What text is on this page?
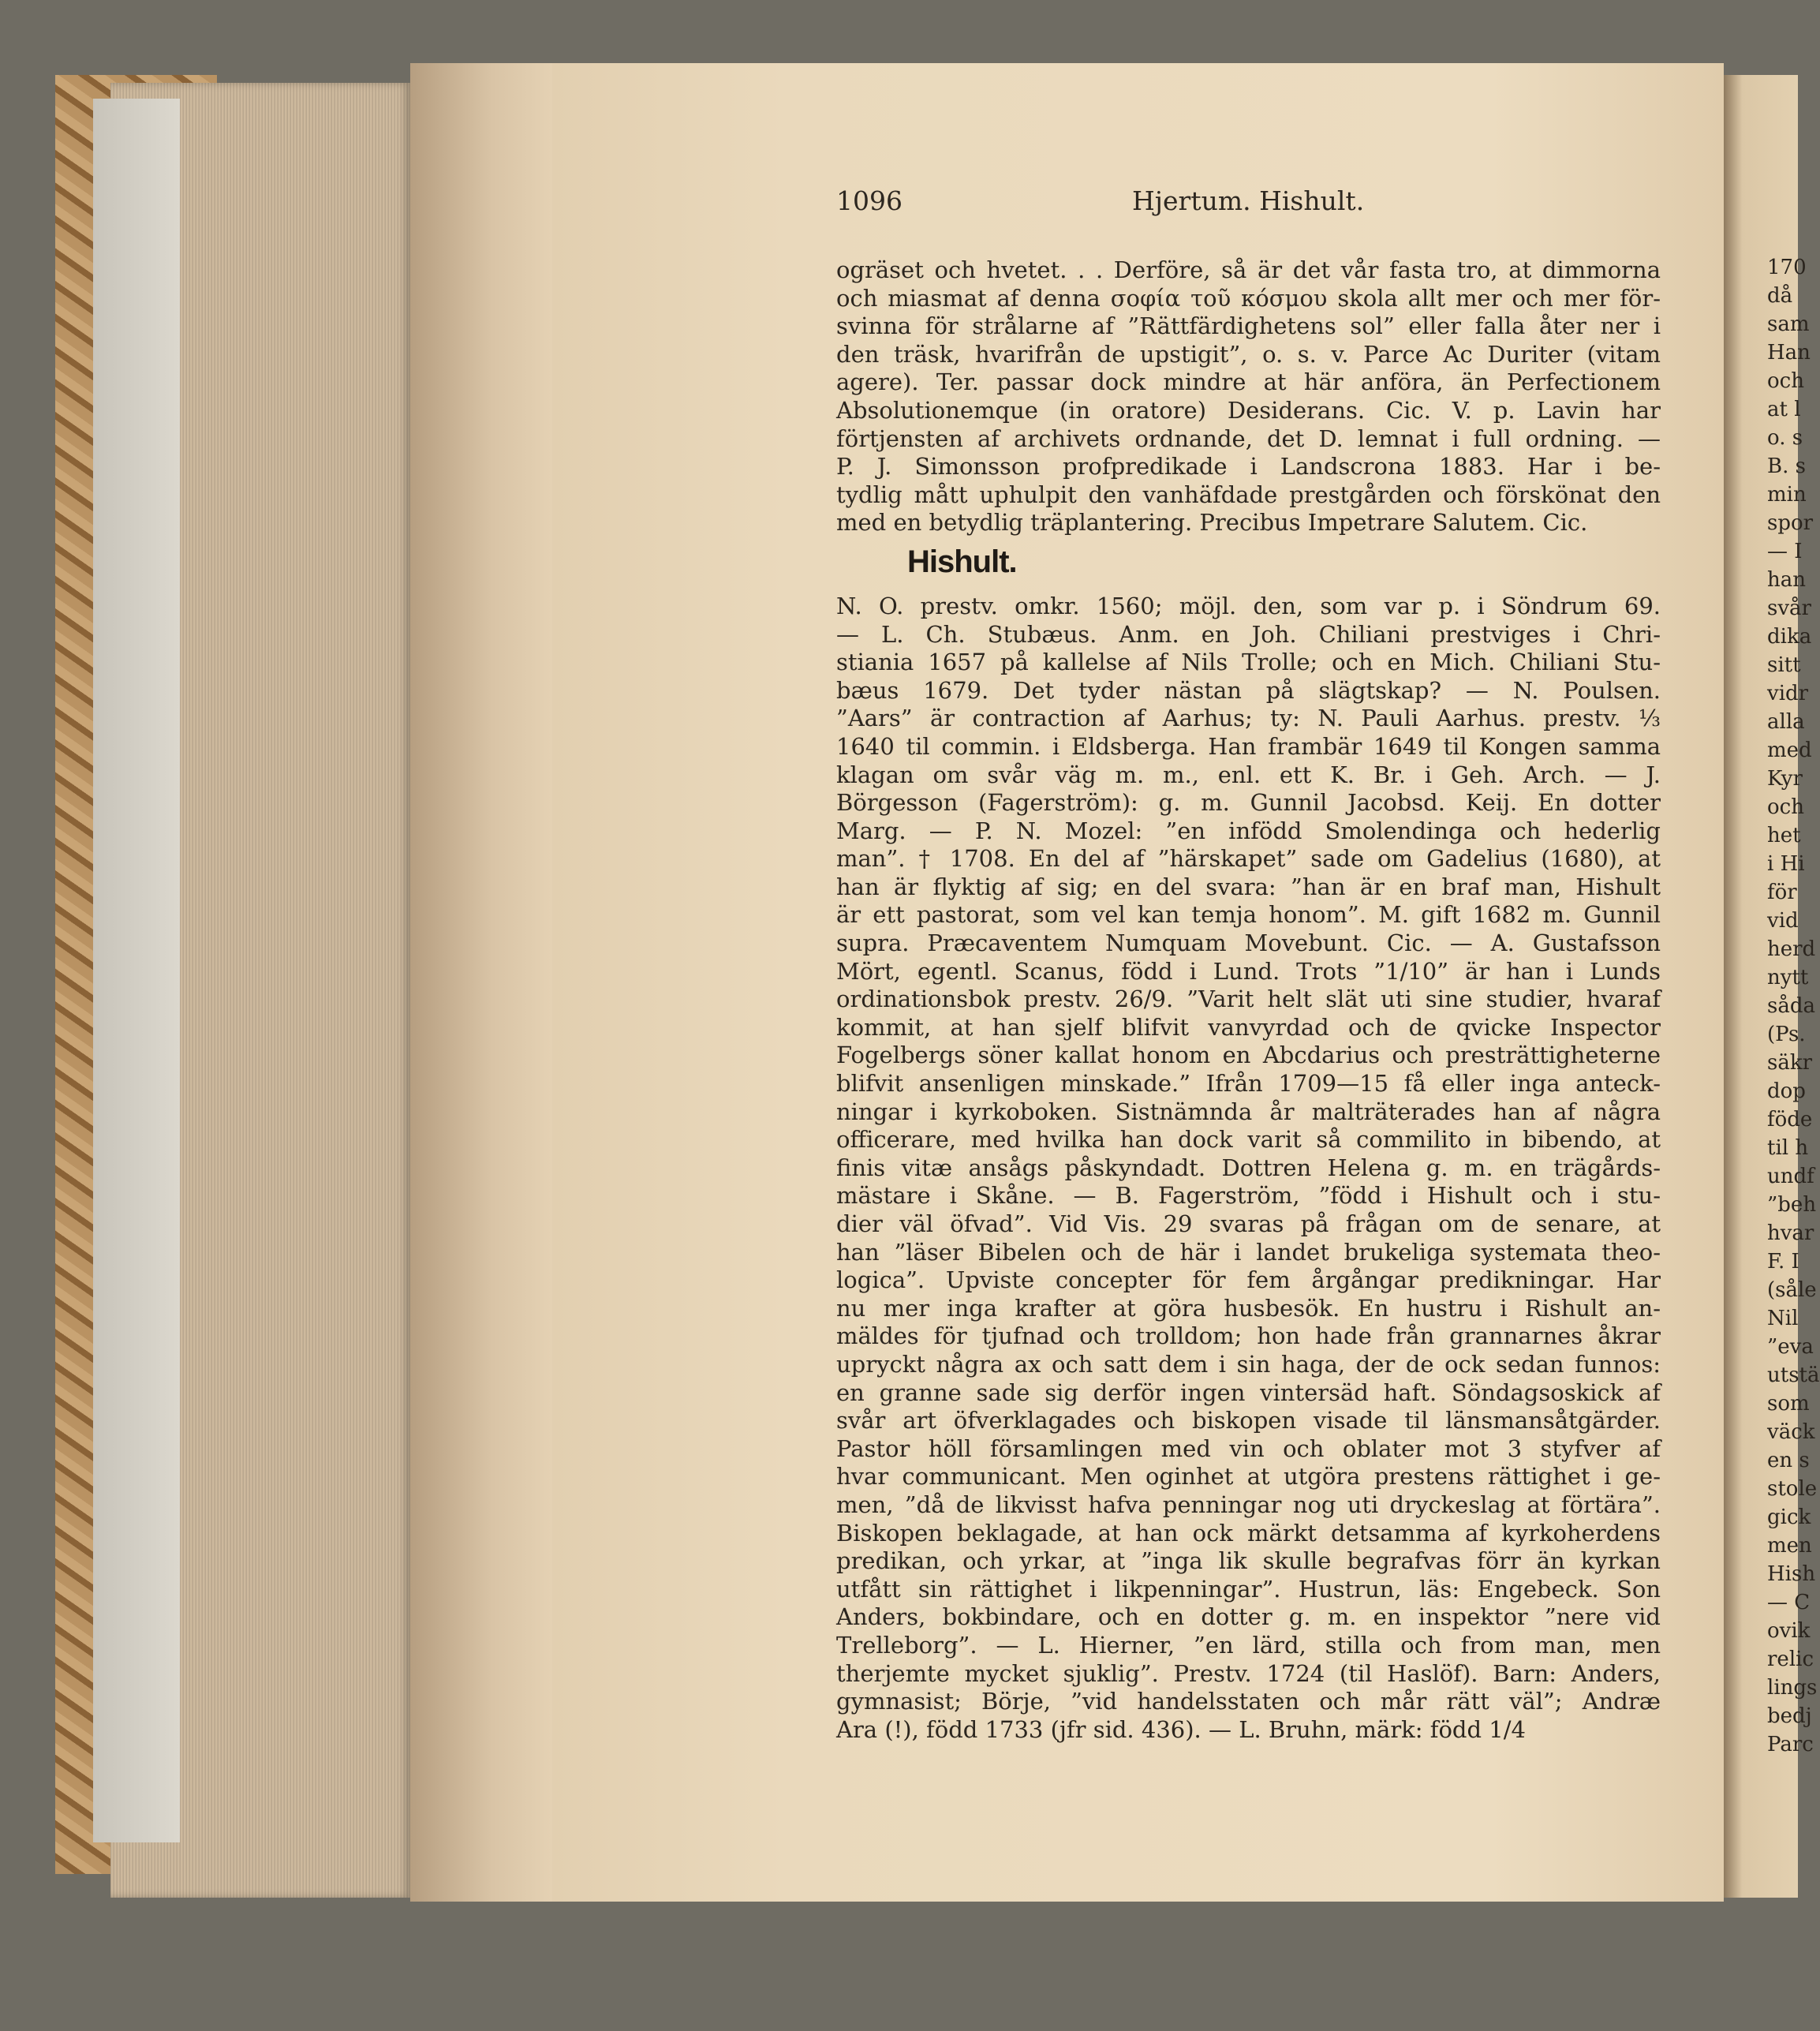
170
då
sam
Han
och
at l
o. s
B. s
min
spor
— I
han
svår
dika
sitt
vidr
alla
med
Kyr
och
het
i Hi
för
vid
herd
nytt
såda
(Ps.
säkr
dop
föde
til h
undf
”beh
hvar
F. I
(såle
Nil
”eva
utstä
som
väck
en s
stole
gick
men
Hish
— C
ovik
relic
lings
bedj
Parc
1096	Hjertum. Hishult.
ogräset och hvetet. . . Derföre, så är det vår fasta tro, at dimmorna
och miasmat af denna σοφία τοῦ κόσμου skola allt mer och mer för-
svinna för strålarne af ”Rättfärdighetens sol” eller falla åter ner i
den träsk, hvarifrån de upstigit”, o. s. v. Parce Ac Duriter (vitam
agere). Ter. passar dock mindre at här anföra, än Perfectionem
Absolutionemque (in oratore) Desiderans. Cic. V. p. Lavin har
förtjensten af archivets ordnande, det D. lemnat i full ordning. —
P. J. Simonsson profpredikade i Landscrona 1883. Har i be-
tydlig mått uphulpit den vanhäfdade prestgården och förskönat den
med en betydlig träplantering. Precibus Impetrare Salutem. Cic.
Hishult.
N. O. prestv. omkr. 1560; möjl. den, som var p. i Söndrum 69.
— L. Ch. Stubæus. Anm. en Joh. Chiliani prestviges i Chri-
stiania 1657 på kallelse af Nils Trolle; och en Mich. Chiliani Stu-
bæus 1679. Det tyder nästan på slägtskap? — N. Poulsen.
”Aars” är contraction af Aarhus; ty: N. Pauli Aarhus. prestv. ⅓
1640 til commin. i Eldsberga. Han frambär 1649 til Kongen samma
klagan om svår väg m. m., enl. ett K. Br. i Geh. Arch. — J.
Börgesson (Fagerström): g. m. Gunnil Jacobsd. Keij. En dotter
Marg. — P. N. Mozel: ”en infödd Smolendinga och hederlig
man”. † 1708. En del af ”härskapet” sade om Gadelius (1680), at
han är flyktig af sig; en del svara: ”han är en braf man, Hishult
är ett pastorat, som vel kan temja honom”. M. gift 1682 m. Gunnil
supra. Præcaventem Numquam Movebunt. Cic. — A. Gustafsson
Mört, egentl. Scanus, född i Lund. Trots ”1/10” är han i Lunds
ordinationsbok prestv. 26/9. ”Varit helt slät uti sine studier, hvaraf
kommit, at han sjelf blifvit vanvyrdad och de qvicke Inspector
Fogelbergs söner kallat honom en Abcdarius och presträttigheterne
blifvit ansenligen minskade.” Ifrån 1709—15 få eller inga anteck-
ningar i kyrkoboken. Sistnämnda år malträterades han af några
officerare, med hvilka han dock varit så commilito in bibendo, at
finis vitæ ansågs påskyndadt. Dottren Helena g. m. en trägårds-
mästare i Skåne. — B. Fagerström, ”född i Hishult och i stu-
dier väl öfvad”. Vid Vis. 29 svaras på frågan om de senare, at
han ”läser Bibelen och de här i landet brukeliga systemata theo-
logica”. Upviste concepter för fem årgångar predikningar. Har
nu mer inga krafter at göra husbesök. En hustru i Rishult an-
mäldes för tjufnad och trolldom; hon hade från grannarnes åkrar
upryckt några ax och satt dem i sin haga, der de ock sedan funnos:
en granne sade sig derför ingen vintersäd haft. Söndagsoskick af
svår art öfverklagades och biskopen visade til länsmansåtgärder.
Pastor höll församlingen med vin och oblater mot 3 styfver af
hvar communicant. Men oginhet at utgöra prestens rättighet i ge-
men, ”då de likvisst hafva penningar nog uti dryckeslag at förtära”.
Biskopen beklagade, at han ock märkt detsamma af kyrkoherdens
predikan, och yrkar, at ”inga lik skulle begrafvas förr än kyrkan
utfått sin rättighet i likpenningar”. Hustrun, läs: Engebeck. Son
Anders, bokbindare, och en dotter g. m. en inspektor ”nere vid
Trelleborg”. — L. Hierner, ”en lärd, stilla och from man, men
therjemte mycket sjuklig”. Prestv. 1724 (til Haslöf). Barn: Anders,
gymnasist; Börje, ”vid handelsstaten och mår rätt väl”; Andræ
Ara (!), född 1733 (jfr sid. 436). — L. Bruhn, märk: född 1/4
